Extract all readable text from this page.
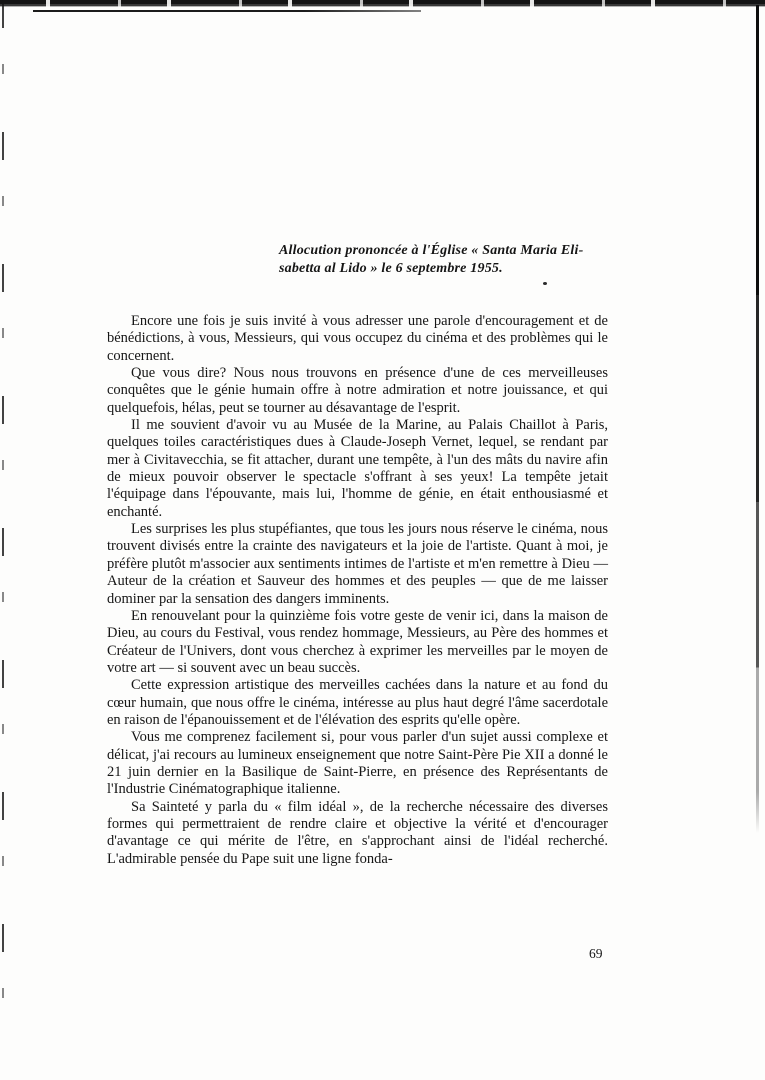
Allocution prononcée à l'Église « Santa Maria Eli-
sabetta al Lido » le 6 septembre 1955.

Encore une fois je suis invité à vous adresser une parole d'encouragement et de bénédictions, à vous, Messieurs, qui vous occupez du cinéma et des problèmes qui le concernent.

Que vous dire? Nous nous trouvons en présence d'une de ces merveilleuses conquêtes que le génie humain offre à notre admiration et notre jouissance, et qui quelquefois, hélas, peut se tourner au désavantage de l'esprit.

Il me souvient d'avoir vu au Musée de la Marine, au Palais Chaillot à Paris, quelques toiles caractéristiques dues à Claude-Joseph Vernet, lequel, se rendant par mer à Civitavecchia, se fit attacher, durant une tempête, à l'un des mâts du navire afin de mieux pouvoir observer le spectacle s'offrant à ses yeux! La tempête jetait l'équipage dans l'épouvante, mais lui, l'homme de génie, en était enthousiasmé et enchanté.

Les surprises les plus stupéfiantes, que tous les jours nous réserve le cinéma, nous trouvent divisés entre la crainte des navigateurs et la joie de l'artiste. Quant à moi, je préfère plutôt m'associer aux sentiments intimes de l'artiste et m'en remettre à Dieu — Auteur de la création et Sauveur des hommes et des peuples — que de me laisser dominer par la sensation des dangers imminents.

En renouvelant pour la quinzième fois votre geste de venir ici, dans la maison de Dieu, au cours du Festival, vous rendez hommage, Messieurs, au Père des hommes et Créateur de l'Univers, dont vous cherchez à exprimer les merveilles par le moyen de votre art — si souvent avec un beau succès.

Cette expression artistique des merveilles cachées dans la nature et au fond du cœur humain, que nous offre le cinéma, intéresse au plus haut degré l'âme sacerdotale en raison de l'épanouissement et de l'élévation des esprits qu'elle opère.

Vous me comprenez facilement si, pour vous parler d'un sujet aussi complexe et délicat, j'ai recours au lumineux enseignement que notre Saint-Père Pie XII a donné le 21 juin dernier en la Basilique de Saint-Pierre, en présence des Représentants de l'Industrie Cinématographique italienne.

Sa Sainteté y parla du « film idéal », de la recherche nécessaire des diverses formes qui permettraient de rendre claire et objective la vérité et d'encourager d'avantage ce qui mérite de l'être, en s'approchant ainsi de l'idéal recherché. L'admirable pensée du Pape suit une ligne fonda-

69
